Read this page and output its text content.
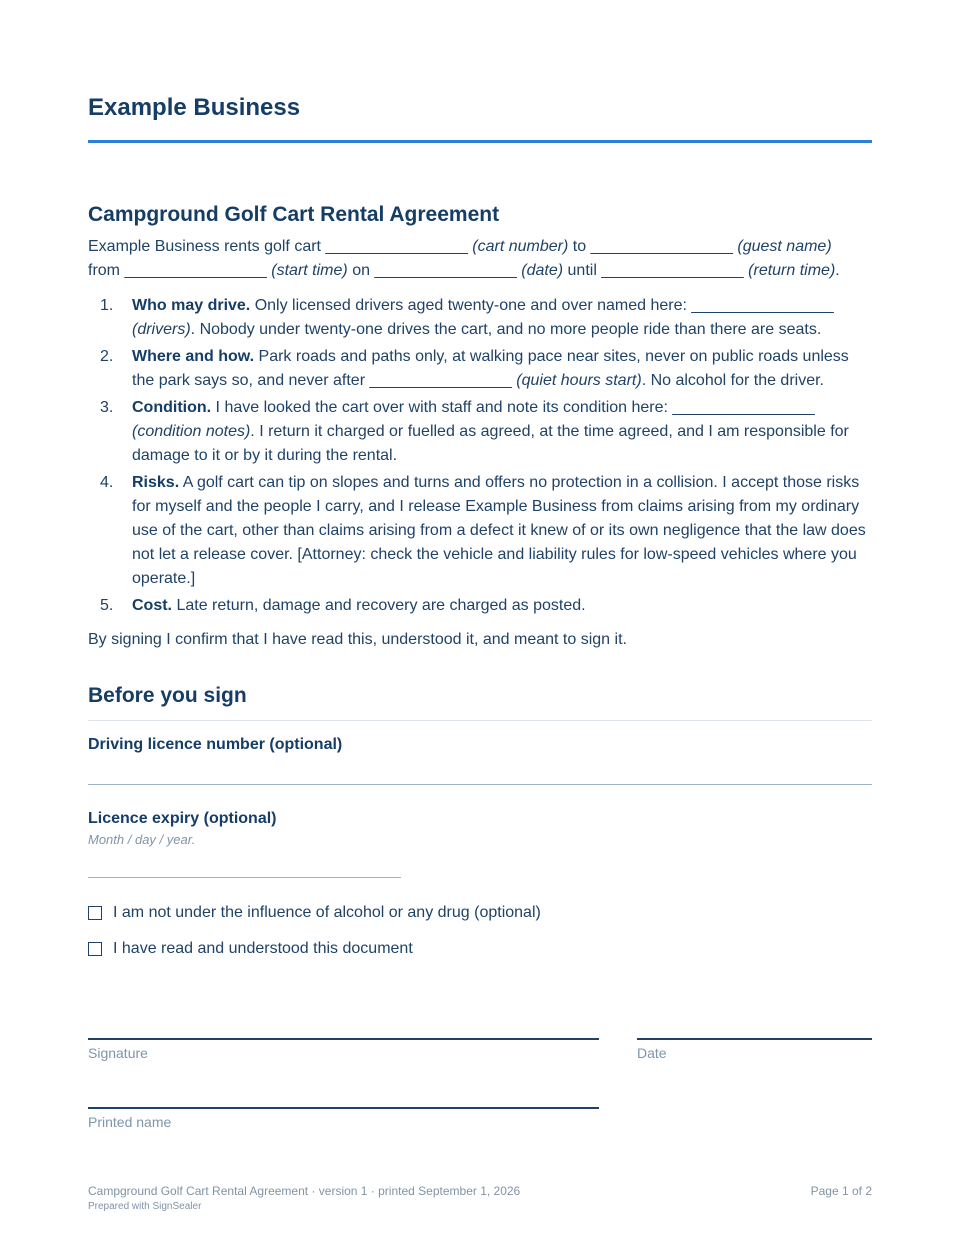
Example Business
Campground Golf Cart Rental Agreement

Example Business rents golf cart ________________ (cart number) to ________________ (guest name)
from ________________ (start time) on ________________ (date) until ________________ (return time).

1. Who may drive. Only licensed drivers aged twenty-one and over named here: ________________ (drivers). Nobody under twenty-one drives the cart, and no more people ride than there are seats.
2. Where and how. Park roads and paths only, at walking pace near sites, never on public roads unless the park says so, and never after ________________ (quiet hours start). No alcohol for the driver.
3. Condition. I have looked the cart over with staff and note its condition here: ________________ (condition notes). I return it charged or fuelled as agreed, at the time agreed, and I am responsible for damage to it or by it during the rental.
4. Risks. A golf cart can tip on slopes and turns and offers no protection in a collision. I accept those risks for myself and the people I carry, and I release Example Business from claims arising from my ordinary use of the cart, other than claims arising from a defect it knew of or its own negligence that the law does not let a release cover. [Attorney: check the vehicle and liability rules for low-speed vehicles where you operate.]
5. Cost. Late return, damage and recovery are charged as posted.

By signing I confirm that I have read this, understood it, and meant to sign it.

Before you sign
Driving licence number (optional)
Licence expiry (optional)
Month / day / year.
I am not under the influence of alcohol or any drug (optional)
I have read and understood this document
Signature	Date
Printed name
Campground Golf Cart Rental Agreement · version 1 · printed September 1, 2026
Prepared with SignSealer
Page 1 of 2
